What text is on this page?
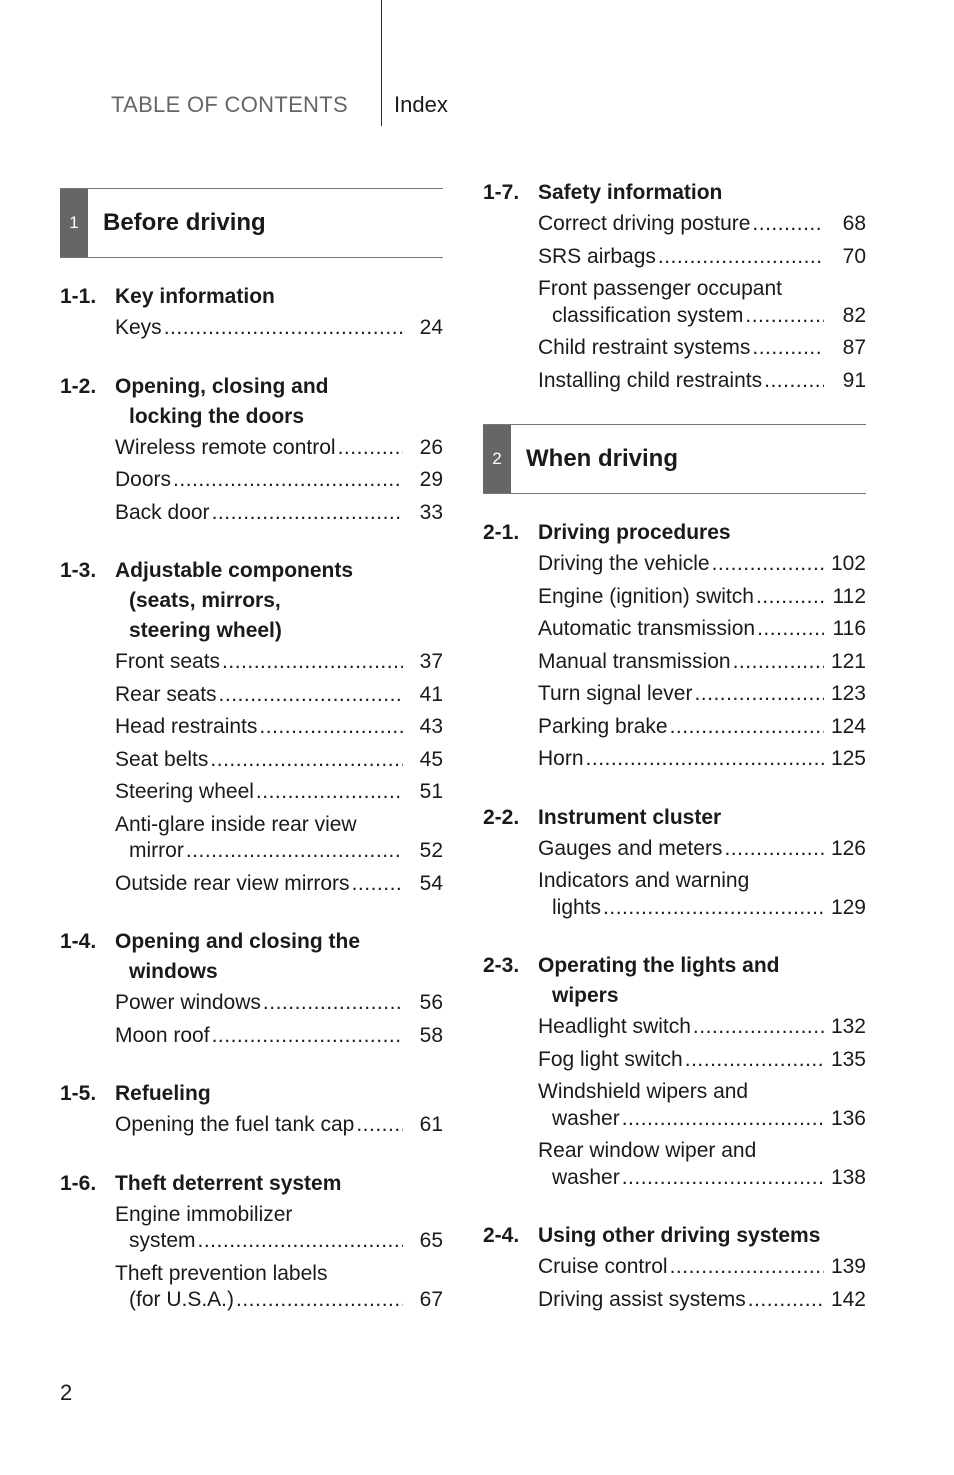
TABLE OF CONTENTS Index
1	Before driving
1-1. Key information
Keys .....	24
1-2. Opening, closing and
locking the doors
Wireless remote control .....	26
Doors .....	29
Back door .....	33
1-3. Adjustable components
(seats, mirrors,
steering wheel)
Front seats .....	37
Rear seats .....	41
Head restraints .....	43
Seat belts .....	45
Steering wheel .....	51
Anti-glare inside rear view
mirror .....	52
Outside rear view mirrors .....	54
1-4. Opening and closing the
windows
Power windows .....	56
Moon roof .....	58
1-5. Refueling
Opening the fuel tank cap .....	61
1-6. Theft deterrent system
Engine immobilizer
system .....	65
Theft prevention labels
(for U.S.A.) .....	67
1-7. Safety information
Correct driving posture .....	68
SRS airbags .....	70
Front passenger occupant
classification system .....	82
Child restraint systems .....	87
Installing child restraints .....	91
2	When driving
2-1. Driving procedures
Driving the vehicle .....	102
Engine (ignition) switch .....	112
Automatic transmission .....	116
Manual transmission .....	121
Turn signal lever .....	123
Parking brake .....	124
Horn .....	125
2-2. Instrument cluster
Gauges and meters .....	126
Indicators and warning
lights .....	129
2-3. Operating the lights and
wipers
Headlight switch .....	132
Fog light switch .....	135
Windshield wipers and
washer .....	136
Rear window wiper and
washer .....	138
2-4. Using other driving systems
Cruise control .....	139
Driving assist systems .....	142
2
